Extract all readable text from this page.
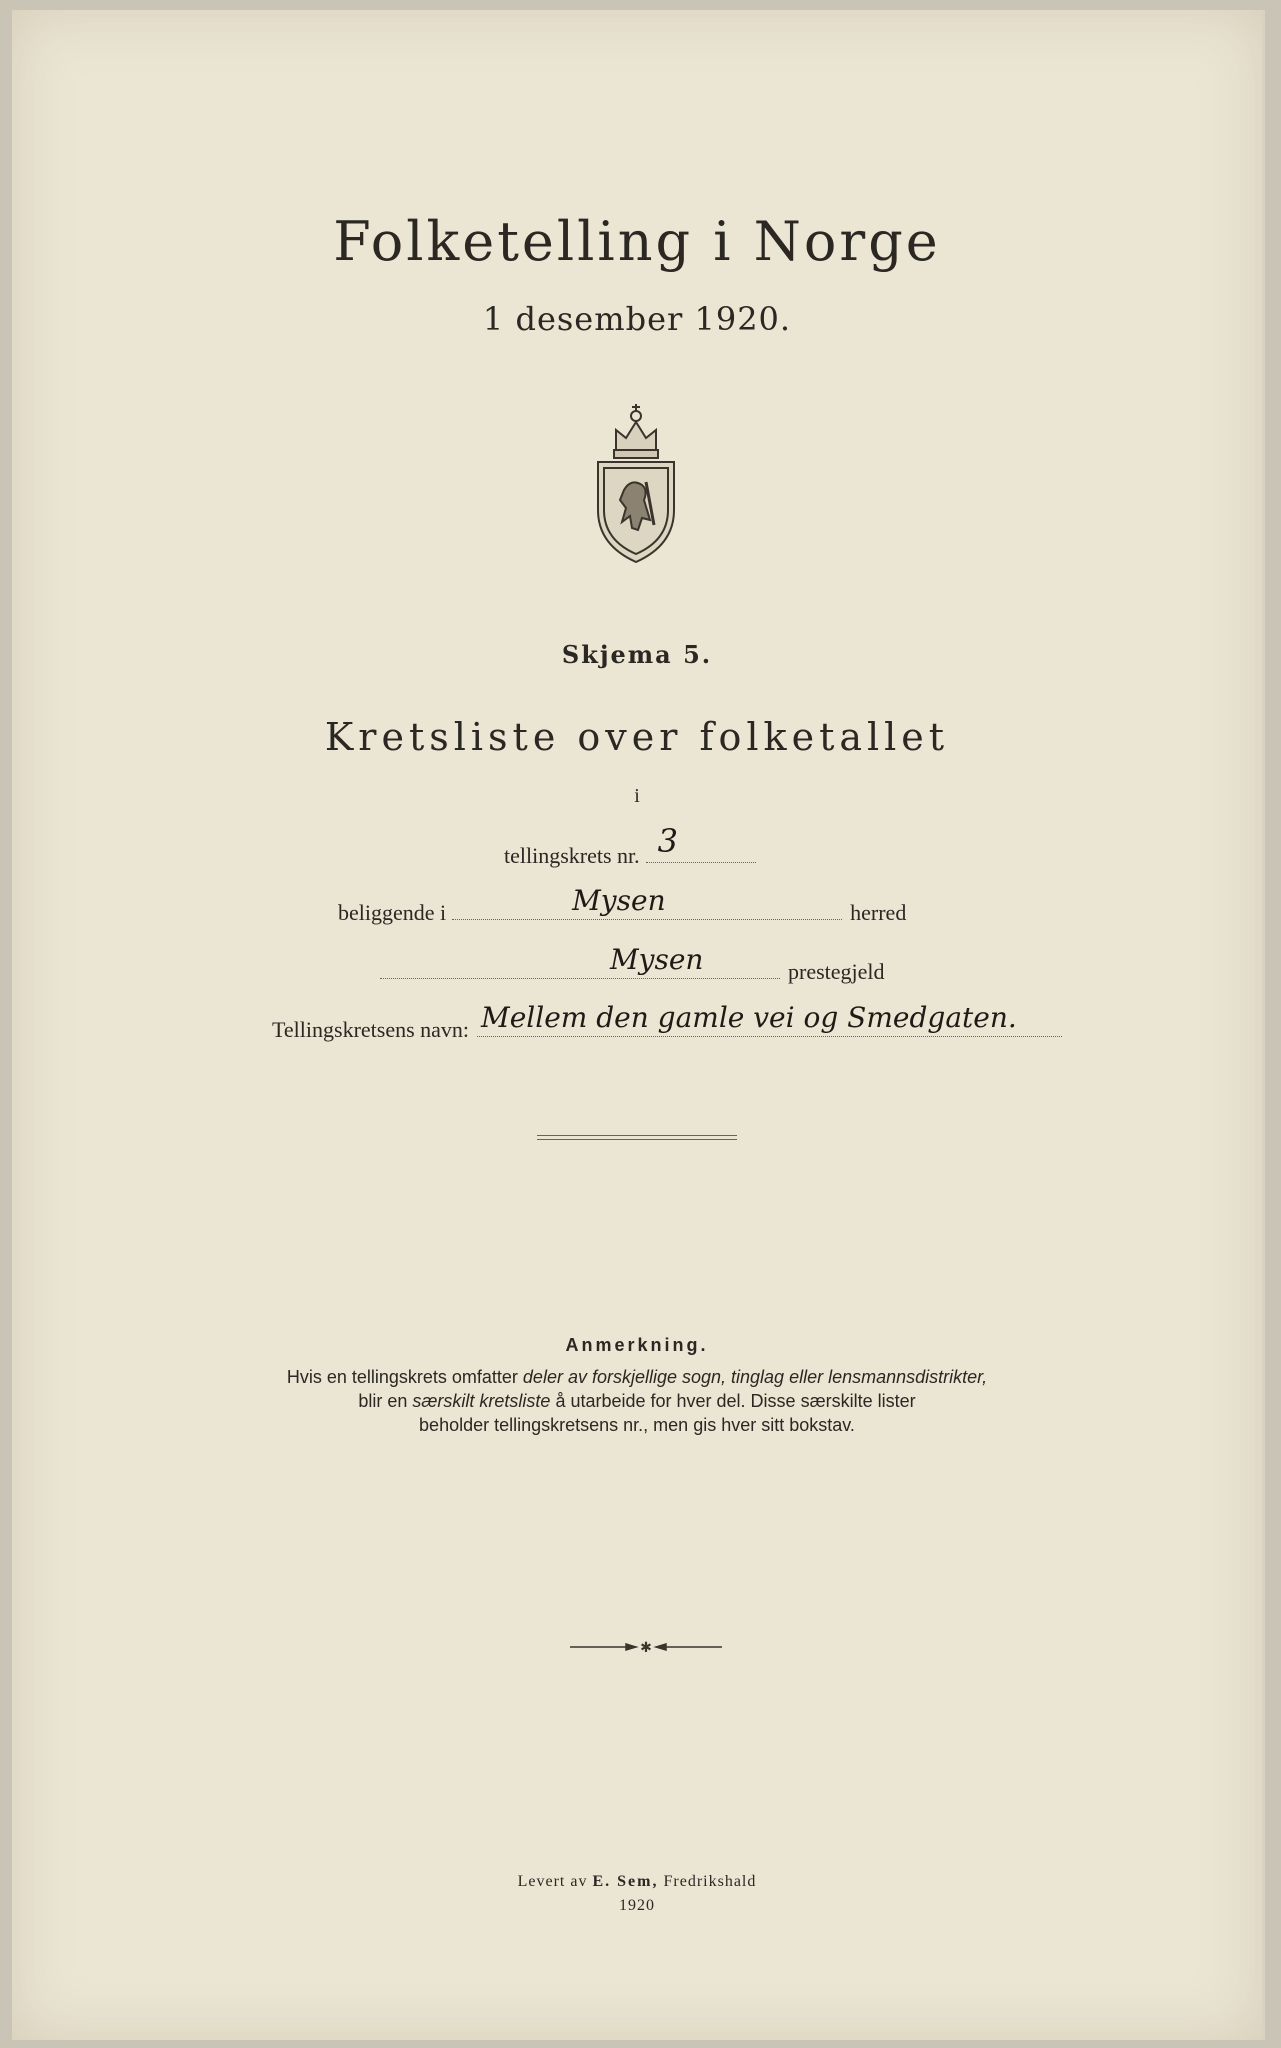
Folketelling i Norge
1 desember 1920.
Skjema 5.
Kretsliste over folketallet
i
tellingskrets nr. 3
beliggende i	Mysen	herred
Mysen	prestegjeld
Tellingskretsens navn: Mellem den gamle vei og Smedgaten.
Anmerkning.
Hvis en tellingskrets omfatter deler av forskjellige sogn, tinglag eller lensmannsdistrikter,
blir en særskilt kretsliste å utarbeide for hver del. Disse særskilte lister
beholder tellingskretsens nr., men gis hver sitt bokstav.
✱
Levert av E. Sem, Fredrikshald
1920
